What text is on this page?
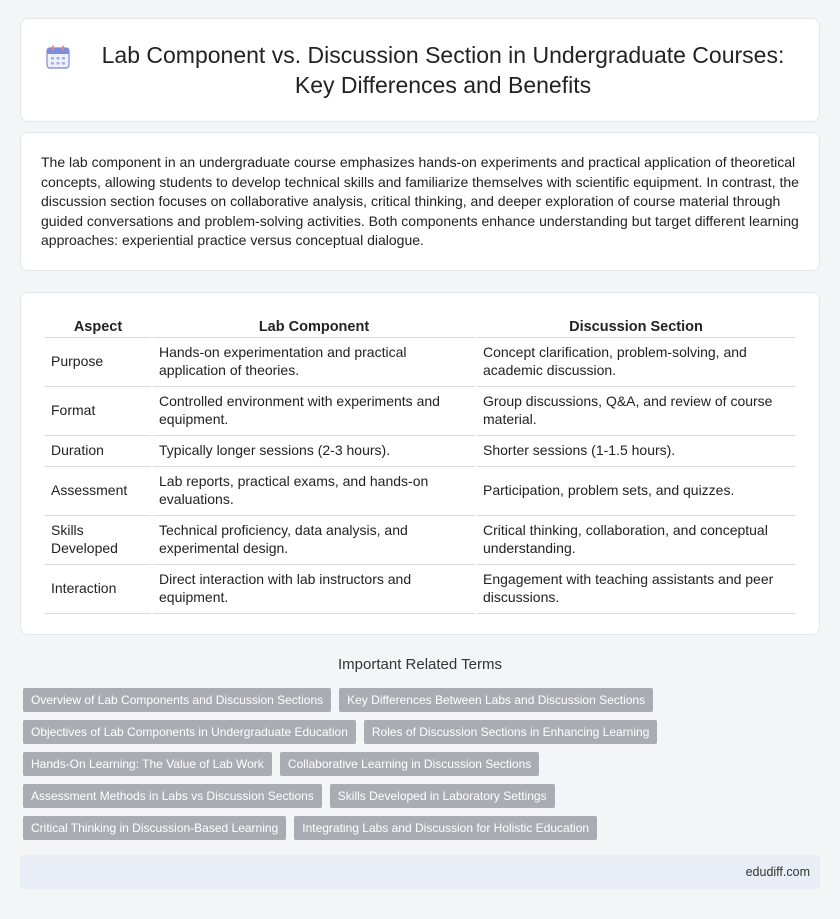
Lab Component vs. Discussion Section in Undergraduate Courses: Key Differences and Benefits

The lab component in an undergraduate course emphasizes hands-on experiments and practical application of theoretical concepts, allowing students to develop technical skills and familiarize themselves with scientific equipment. In contrast, the discussion section focuses on collaborative analysis, critical thinking, and deeper exploration of course material through guided conversations and problem-solving activities. Both components enhance understanding but target different learning approaches: experiential practice versus conceptual dialogue.

Aspect	Lab Component	Discussion Section
Purpose	Hands-on experimentation and practical application of theories.	Concept clarification, problem-solving, and academic discussion.
Format	Controlled environment with experiments and equipment.	Group discussions, Q&A, and review of course material.
Duration	Typically longer sessions (2-3 hours).	Shorter sessions (1-1.5 hours).
Assessment	Lab reports, practical exams, and hands-on evaluations.	Participation, problem sets, and quizzes.
Skills Developed	Technical proficiency, data analysis, and experimental design.	Critical thinking, collaboration, and conceptual understanding.
Interaction	Direct interaction with lab instructors and equipment.	Engagement with teaching assistants and peer discussions.
Important Related Terms
Overview of Lab Components and Discussion Sections	Key Differences Between Labs and Discussion Sections
Objectives of Lab Components in Undergraduate Education	Roles of Discussion Sections in Enhancing Learning
Hands-On Learning: The Value of Lab Work	Collaborative Learning in Discussion Sections
Assessment Methods in Labs vs Discussion Sections	Skills Developed in Laboratory Settings
Critical Thinking in Discussion-Based Learning	Integrating Labs and Discussion for Holistic Education
edudiff.com
